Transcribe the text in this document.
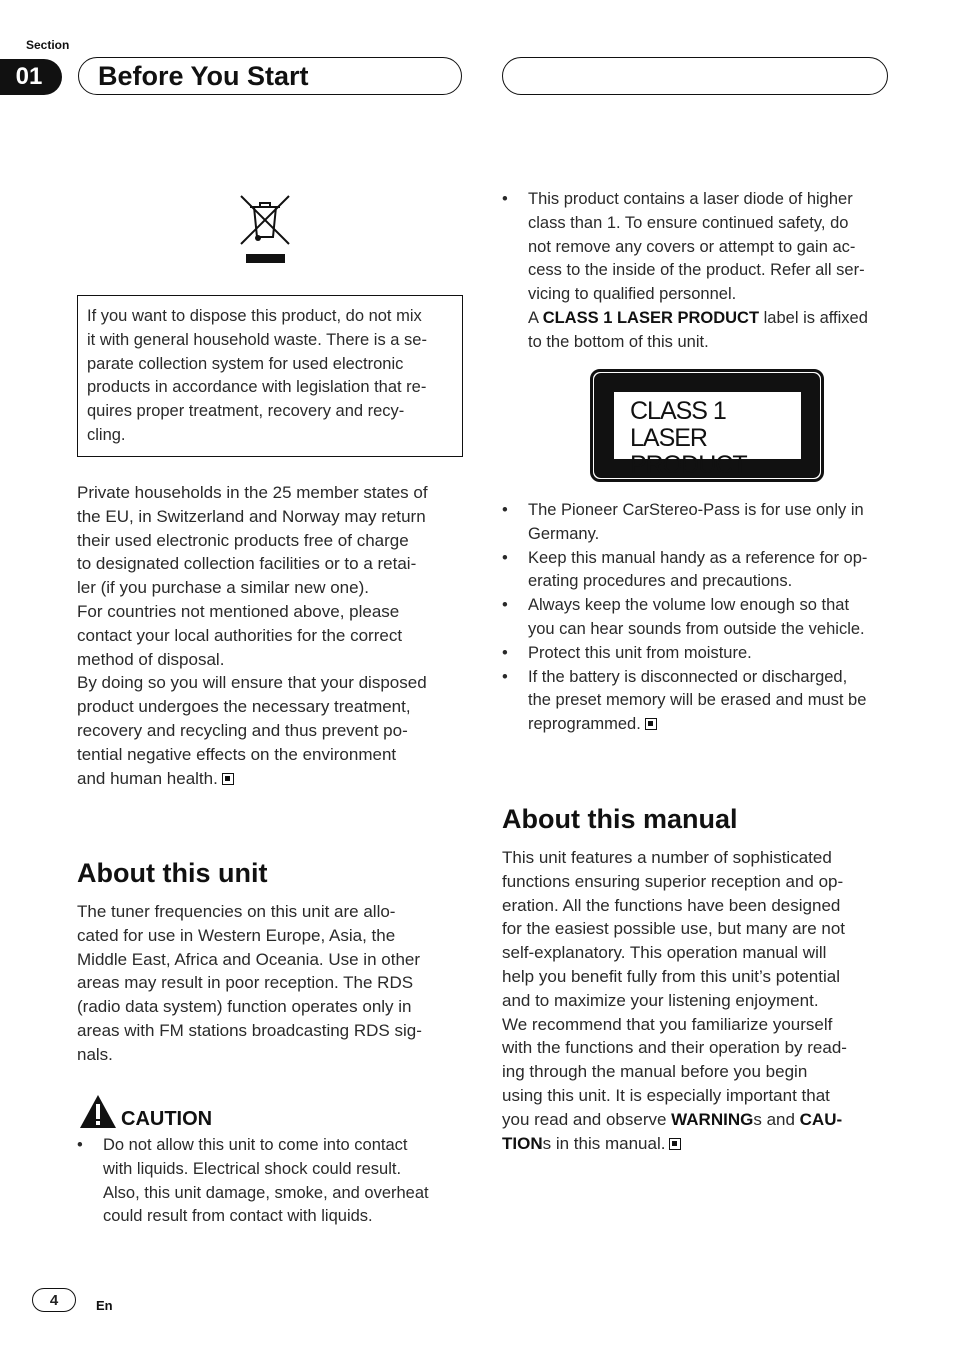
Section
01	Before You Start
If you want to dispose this product, do not mix
it with general household waste. There is a se-
parate collection system for used electronic
products in accordance with legislation that re-
quires proper treatment, recovery and recy-
cling.
Private households in the 25 member states of
the EU, in Switzerland and Norway may return
their used electronic products free of charge
to designated collection facilities or to a retai-
ler (if you purchase a similar new one).
For countries not mentioned above, please
contact your local authorities for the correct
method of disposal.
By doing so you will ensure that your disposed
product undergoes the necessary treatment,
recovery and recycling and thus prevent po-
tential negative effects on the environment
and human health.
About this unit
The tuner frequencies on this unit are allo-
cated for use in Western Europe, Asia, the
Middle East, Africa and Oceania. Use in other
areas may result in poor reception. The RDS
(radio data system) function operates only in
areas with FM stations broadcasting RDS sig-
nals.
CAUTION
• Do not allow this unit to come into contact
with liquids. Electrical shock could result.
Also, this unit damage, smoke, and overheat
could result from contact with liquids.
• This product contains a laser diode of higher
class than 1. To ensure continued safety, do
not remove any covers or attempt to gain ac-
cess to the inside of the product. Refer all ser-
vicing to qualified personnel.
A CLASS 1 LASER PRODUCT label is affixed
to the bottom of this unit.
CLASS 1
LASER PRODUCT
• The Pioneer CarStereo-Pass is for use only in
Germany.
• Keep this manual handy as a reference for op-
erating procedures and precautions.
• Always keep the volume low enough so that
you can hear sounds from outside the vehicle.
• Protect this unit from moisture.
• If the battery is disconnected or discharged,
the preset memory will be erased and must be
reprogrammed.
About this manual
This unit features a number of sophisticated
functions ensuring superior reception and op-
eration. All the functions have been designed
for the easiest possible use, but many are not
self-explanatory. This operation manual will
help you benefit fully from this unit’s potential
and to maximize your listening enjoyment.
We recommend that you familiarize yourself
with the functions and their operation by read-
ing through the manual before you begin
using this unit. It is especially important that
you read and observe WARNINGs and CAU-
TIONs in this manual.
4	En
